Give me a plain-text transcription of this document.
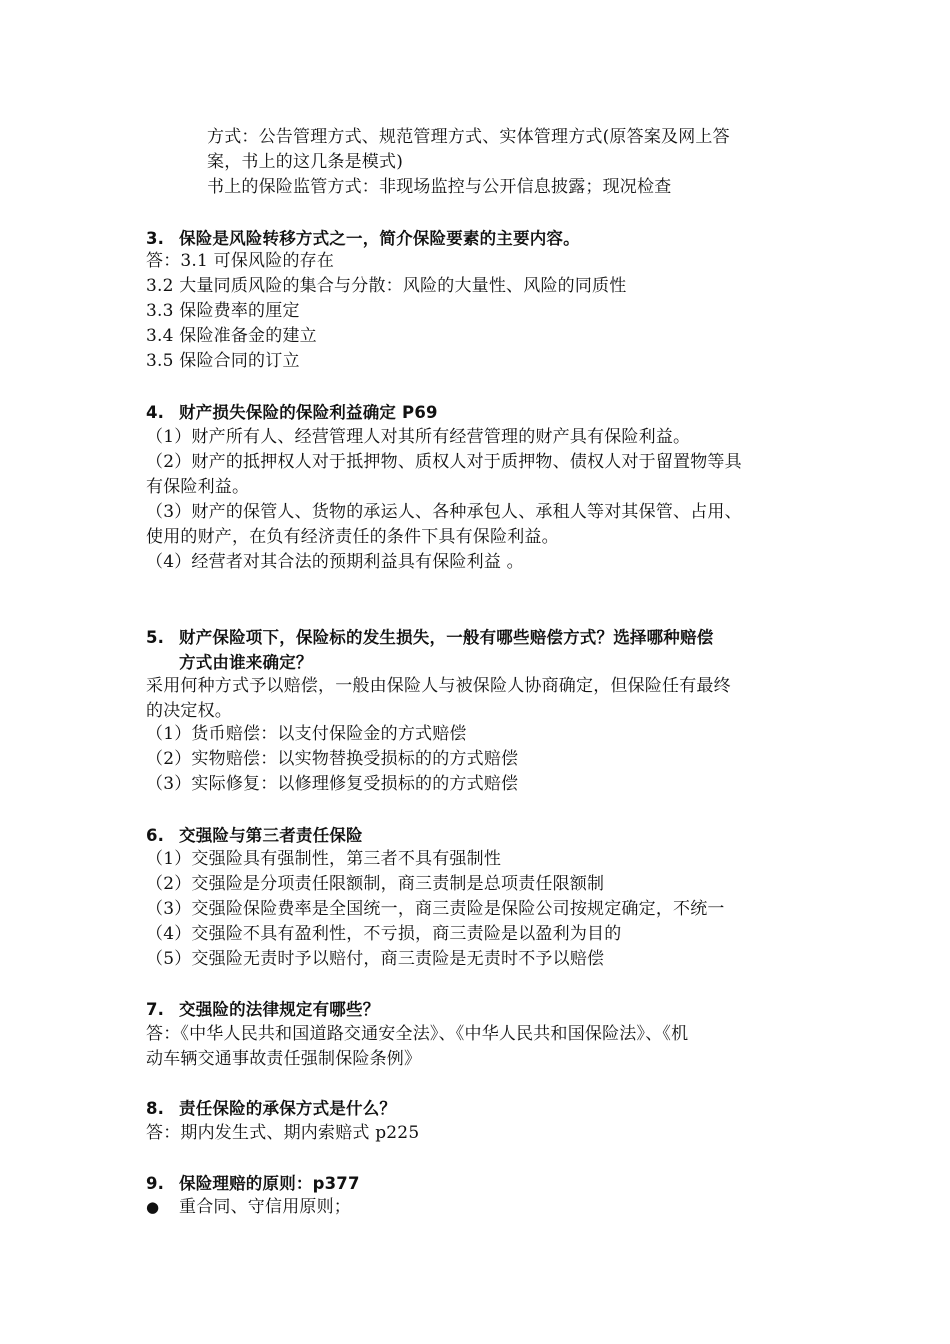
方式：公告管理方式、规范管理方式、实体管理方式(原答案及网上答
案，书上的这几条是模式)
书上的保险监管方式：非现场监控与公开信息披露；现况检查
3. 保险是风险转移方式之一，简介保险要素的主要内容。
答：3.1 可保风险的存在
3.2 大量同质风险的集合与分散：风险的大量性、风险的同质性
3.3 保险费率的厘定
3.4 保险准备金的建立
3.5 保险合同的订立
4. 财产损失保险的保险利益确定 P69
（1）财产所有人、经营管理人对其所有经营管理的财产具有保险利益。
（2）财产的抵押权人对于抵押物、质权人对于质押物、债权人对于留置物等具
有保险利益。
（3）财产的保管人、货物的承运人、各种承包人、承租人等对其保管、占用、
使用的财产，在负有经济责任的条件下具有保险利益。
（4）经营者对其合法的预期利益具有保险利益 。
5. 财产保险项下，保险标的发生损失，一般有哪些赔偿方式？选择哪种赔偿
方式由谁来确定？
采用何种方式予以赔偿，一般由保险人与被保险人协商确定，但保险任有最终
的决定权。
（1）货币赔偿：以支付保险金的方式赔偿
（2）实物赔偿：以实物替换受损标的的方式赔偿
（3）实际修复：以修理修复受损标的的方式赔偿
6. 交强险与第三者责任保险
（1）交强险具有强制性，第三者不具有强制性
（2）交强险是分项责任限额制，商三责制是总项责任限额制
（3）交强险保险费率是全国统一，商三责险是保险公司按规定确定，不统一
（4）交强险不具有盈利性，不亏损，商三责险是以盈利为目的
（5）交强险无责时予以赔付，商三责险是无责时不予以赔偿
7. 交强险的法律规定有哪些？
答：《中华人民共和国道路交通安全法》、《中华人民共和国保险法》、《机
动车辆交通事故责任强制保险条例》
8. 责任保险的承保方式是什么？
答：期内发生式、期内索赔式 p225
9. 保险理赔的原则：p377
● 重合同、守信用原则；
